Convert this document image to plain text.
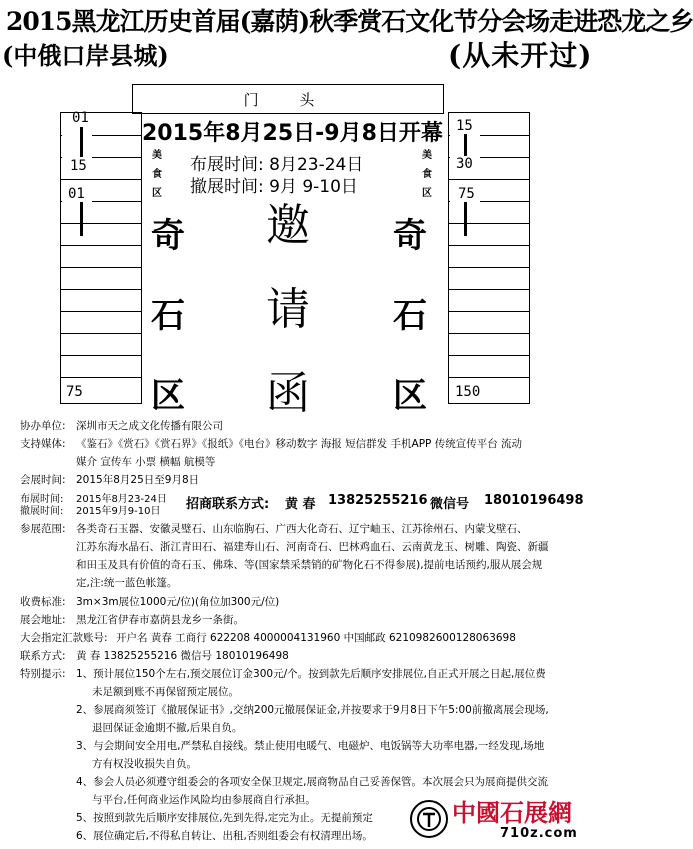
2015黑龙江历史首届(嘉荫)秋季赏石文化节分会场走进恐龙之乡
(中俄口岸县城)	(从未开过)
门 头
01
15
01
75
15
30
75
150
2015年8月25日-9月8日开幕
布展时间: 8月23-24日
撤展时间: 9月 9-10日
美
食
区
美
食
区
奇
石
区
奇
石
区
邀
请
函
协办单位: 深圳市天之成文化传播有限公司
支持媒体: 《鉴石》《赏石》《赏石界》《报纸》《电台》移动数字 海报 短信群发 手机APP 传统宣传平台 流动
媒介 宣传车 小票 横幅 航模等
会展时间: 2015年8月25日至9月8日
布展时间: 2015年8月23-24日
撤展时间: 2015年9月9-10日 招商联系方式: 黄 春 13825255216 微信号 18010196498
参展范围: 各类奇石玉器、安徽灵璧石、山东临朐石、广西大化奇石、辽宁岫玉、江苏徐州石、内蒙戈壁石、
江苏东海水晶石、浙江青田石、福建寿山石、河南奇石、巴林鸡血石、云南黄龙玉、树雕、陶瓷、新疆
和田玉及具有价值的奇石玉、佛珠、等(国家禁采禁销的矿物化石不得参展),提前电话预约,服从展会规
定,注:统一蓝色帐篷。
收费标准: 3m×3m展位1000元/位)(角位加300元/位)
展会地址: 黑龙江省伊春市嘉荫县龙乡一条街。
大会指定汇款账号: 开户名 黄春 工商行 622208 4000004131960 中国邮政 6210982600128063698
联系方式: 黄 春 13825255216 微信号 18010196498
特别提示: 1、预计展位150个左右,预交展位订金300元/个。按到款先后顺序安排展位,自正式开展之日起,展位费
未足额到账不再保留预定展位。
2、参展商须签订《撤展保证书》,交纳200元撤展保证金,并按要求于9月8日下午5:00前撤离展会现场,
退回保证金逾期不撤,后果自负。
3、与会期间安全用电,严禁私自接线。禁止使用电暖气、电磁炉、电饭锅等大功率电器,一经发现,场地
方有权没收损失自负。
4、参会人员必须遵守组委会的各项安全保卫规定,展商物品自己妥善保管。本次展会只为展商提供交流
与平台,任何商业运作风险均由参展商自行承担。
5、按照到款先后顺序安排展位,先到先得,定完为止。无提前预定
6、展位确定后,不得私自转让、出租,否则组委会有权清理出场。
中國石展網
710z.com
